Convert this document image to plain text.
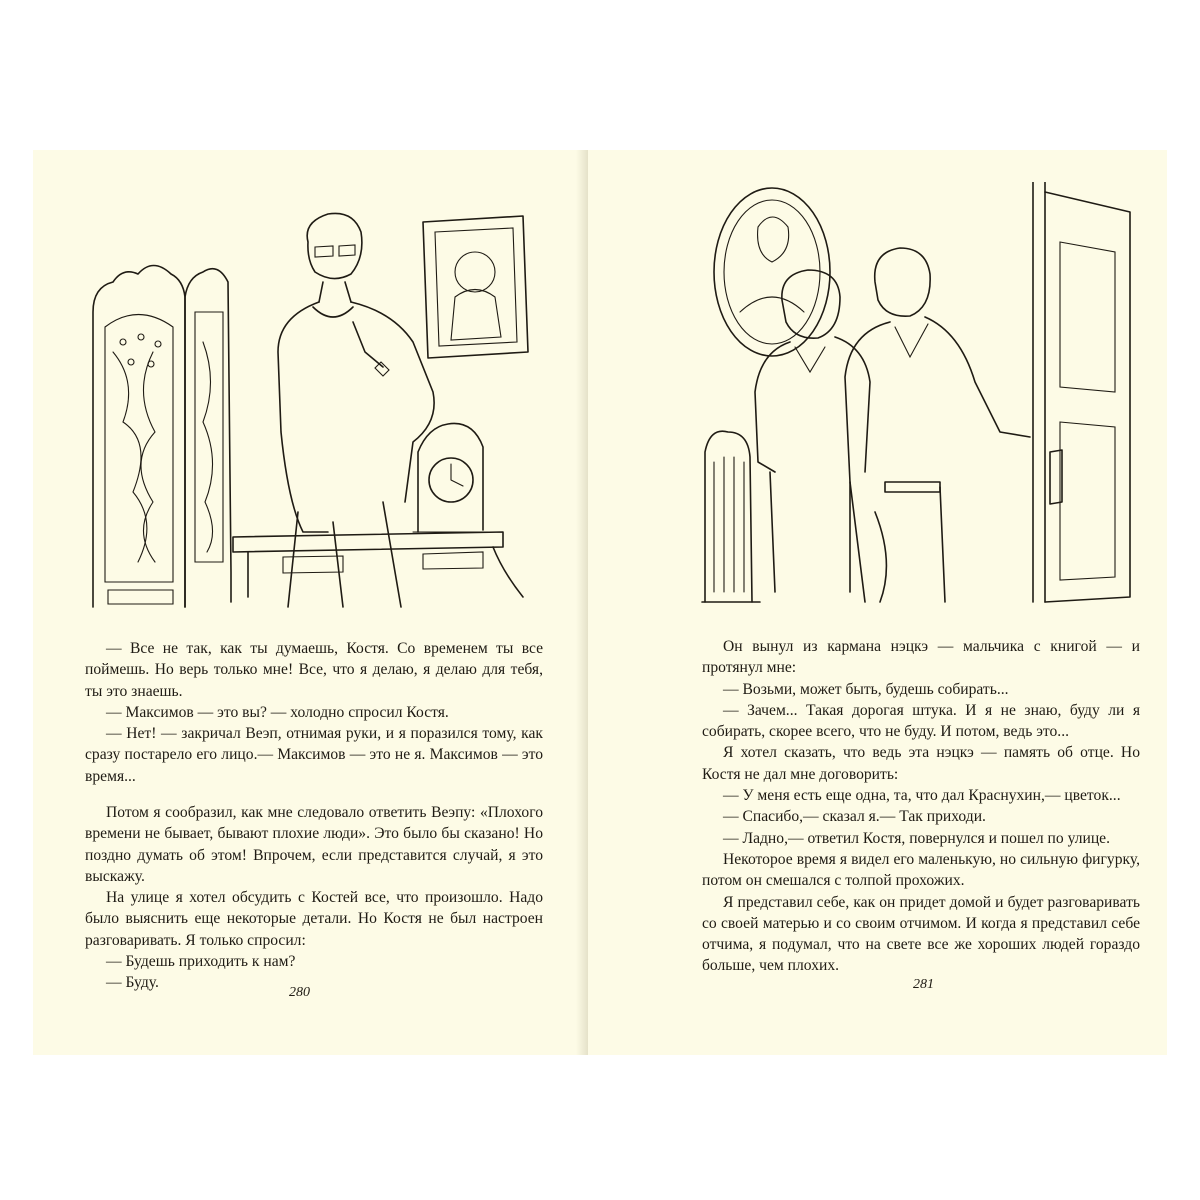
— Все не так, как ты думаешь, Костя. Со временем ты все поймешь. Но верь только мне! Все, что я делаю, я делаю для тебя, ты это знаешь.

— Максимов — это вы? — холодно спросил Костя.

— Нет! — закричал Веэп, отнимая руки, и я поразился тому, как сразу постарело его лицо.— Максимов — это не я. Максимов — это время...

Потом я сообразил, как мне следовало ответить Веэпу: «Плохого времени не бывает, бывают плохие люди». Это было бы сказано! Но поздно думать об этом! Впрочем, если представится случай, я это выскажу.

На улице я хотел обсудить с Костей все, что произошло. Надо было выяснить еще некоторые детали. Но Костя не был настроен разговаривать. Я только спросил:

— Будешь приходить к нам?

— Буду.

280

Он вынул из кармана нэцкэ — мальчика с книгой — и протянул мне:

— Возьми, может быть, будешь собирать...

— Зачем... Такая дорогая штука. И я не знаю, буду ли я собирать, скорее всего, что не буду. И потом, ведь это...

Я хотел сказать, что ведь эта нэцкэ — память об отце. Но Костя не дал мне договорить:

— У меня есть еще одна, та, что дал Краснухин,— цветок...

— Спасибо,— сказал я.— Так приходи.

— Ладно,— ответил Костя, повернулся и пошел по улице.

Некоторое время я видел его маленькую, но сильную фигурку, потом он смешался с толпой прохожих.

Я представил себе, как он придет домой и будет разговаривать со своей матерью и со своим отчимом. И когда я представил себе отчима, я подумал, что на свете все же хороших людей гораздо больше, чем плохих.

281
